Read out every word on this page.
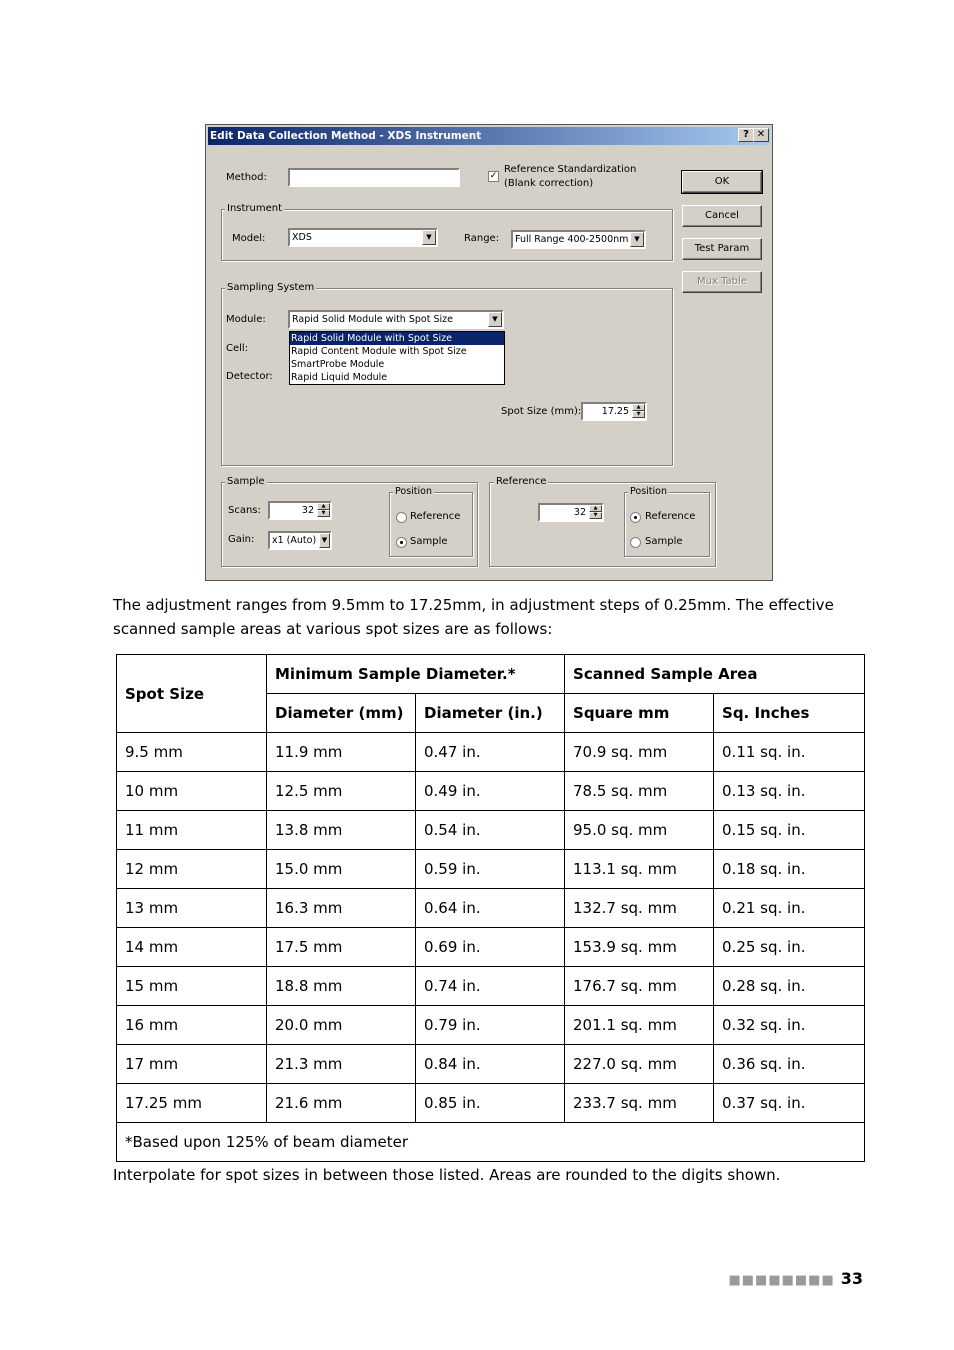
Edit Data Collection Method - XDS Instrument	? ✕
Method:	✓
Reference Standardization
(Blank correction)	OK
Cancel
Test Param
Mux Table
Instrument
Model:	XDS	▼	Range:	Full Range 400-2500nm ▼
Sampling System
Module:	Rapid Solid Module with Spot Size	▼
Cell:
Detector:
Rapid Solid Module with Spot Size
Rapid Content Module with Spot Size
SmartProbe Module
Rapid Liquid Module
Spot Size (mm):	17.25	▲
▼
Sample
Scans:	32	▲
▼
Gain:	x1 (Auto) ▼
Position
Reference
Sample
Reference
32	▲
▼
Position
Reference
Sample
The adjustment ranges from 9.5mm to 17.25mm, in adjustment steps of 0.25mm. The effective scanned sample areas at various spot sizes are as follows:
Spot Size	Minimum Sample Diameter.*		Scanned Sample Area	
	Diameter (mm)	Diameter (in.)	Square mm	Sq. Inches
9.5 mm	11.9 mm	0.47 in.	70.9 sq. mm	0.11 sq. in.
10 mm	12.5 mm	0.49 in.	78.5 sq. mm	0.13 sq. in.
11 mm	13.8 mm	0.54 in.	95.0 sq. mm	0.15 sq. in.
12 mm	15.0 mm	0.59 in.	113.1 sq. mm	0.18 sq. in.
13 mm	16.3 mm	0.64 in.	132.7 sq. mm	0.21 sq. in.
14 mm	17.5 mm	0.69 in.	153.9 sq. mm	0.25 sq. in.
15 mm	18.8 mm	0.74 in.	176.7 sq. mm	0.28 sq. in.
16 mm	20.0 mm	0.79 in.	201.1 sq. mm	0.32 sq. in.
17 mm	21.3 mm	0.84 in.	227.0 sq. mm	0.36 sq. in.
17.25 mm	21.6 mm	0.85 in.	233.7 sq. mm	0.37 sq. in.
*Based upon 125% of beam diameter				
Interpolate for spot sizes in between those listed. Areas are rounded to the digits shown.
■■■■■■■■ 33
